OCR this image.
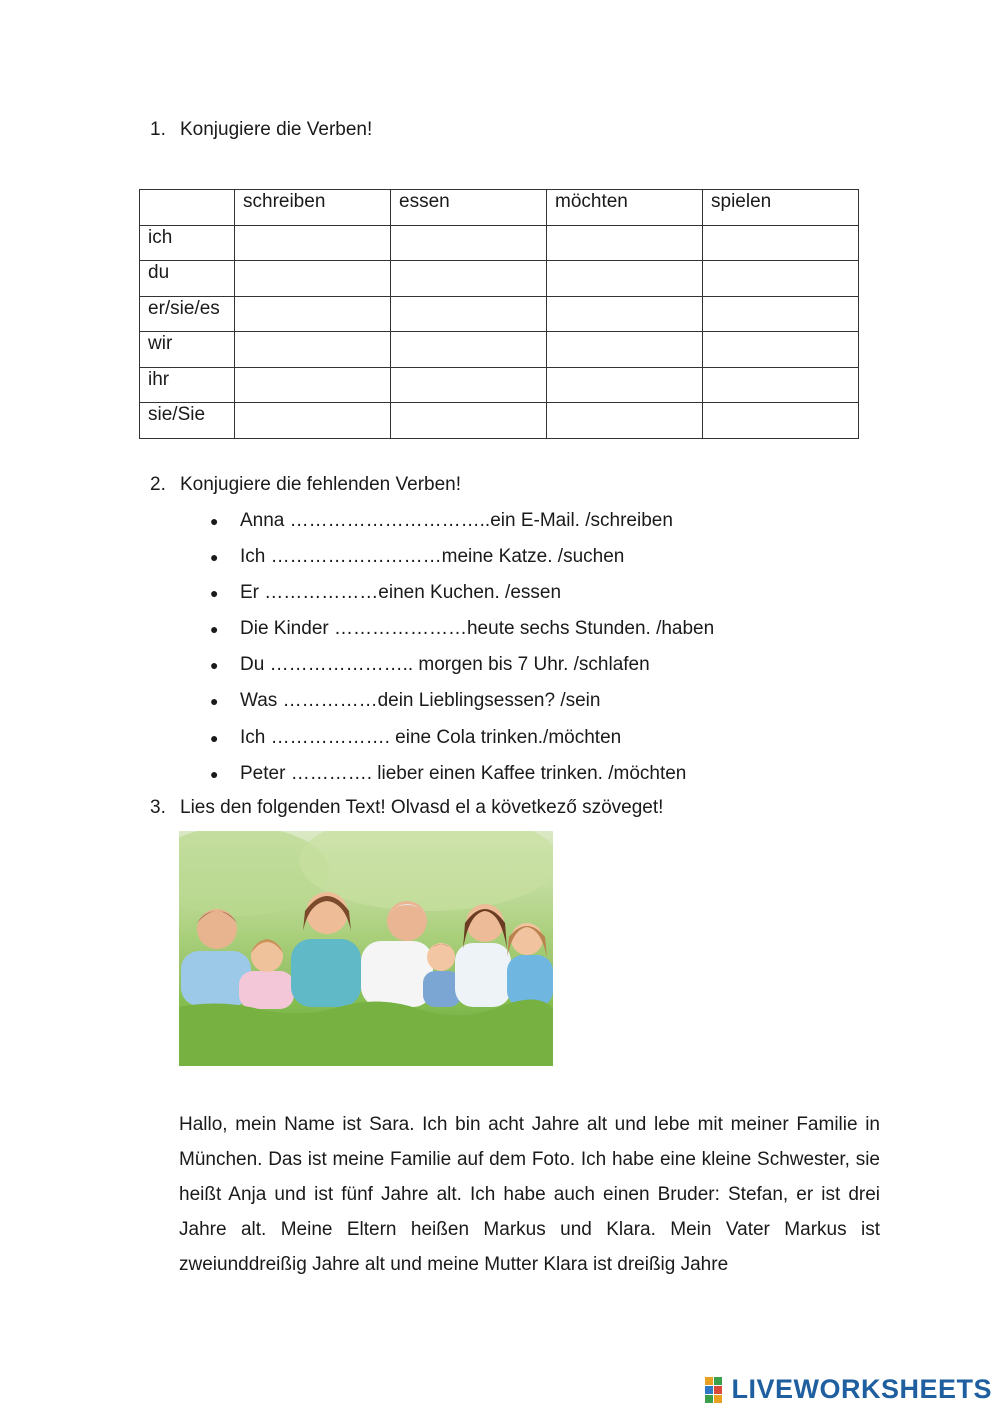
1. Konjugiere die Verben!
	schreiben	essen	möchten	spielen
ich				
du				
er/sie/es				
wir				
ihr				
sie/Sie				
2. Konjugiere die fehlenden Verben!
●	Anna …………………………..ein E-Mail. /schreiben
●	Ich ………………………meine Katze. /suchen
●	Er ………………einen Kuchen. /essen
●	Die Kinder …………………heute sechs Stunden. /haben
●	Du ………………….. morgen bis 7 Uhr. /schlafen
●	Was ……………dein Lieblingsessen? /sein
●	Ich ………………. eine Cola trinken./möchten
●	Peter …………. lieber einen Kaffee trinken. /möchten
3. Lies den folgenden Text! Olvasd el a következő szöveget!
Hallo, mein Name ist Sara. Ich bin acht Jahre alt und lebe mit meiner Familie in München. Das ist meine Familie auf dem Foto. Ich habe eine kleine Schwester, sie heißt Anja und ist fünf Jahre alt. Ich habe auch einen Bruder: Stefan, er ist drei Jahre alt. Meine Eltern heißen Markus und Klara. Mein Vater Markus ist zweiunddreißig Jahre alt und meine Mutter Klara ist dreißig Jahre
LIVEWORKSHEETS
